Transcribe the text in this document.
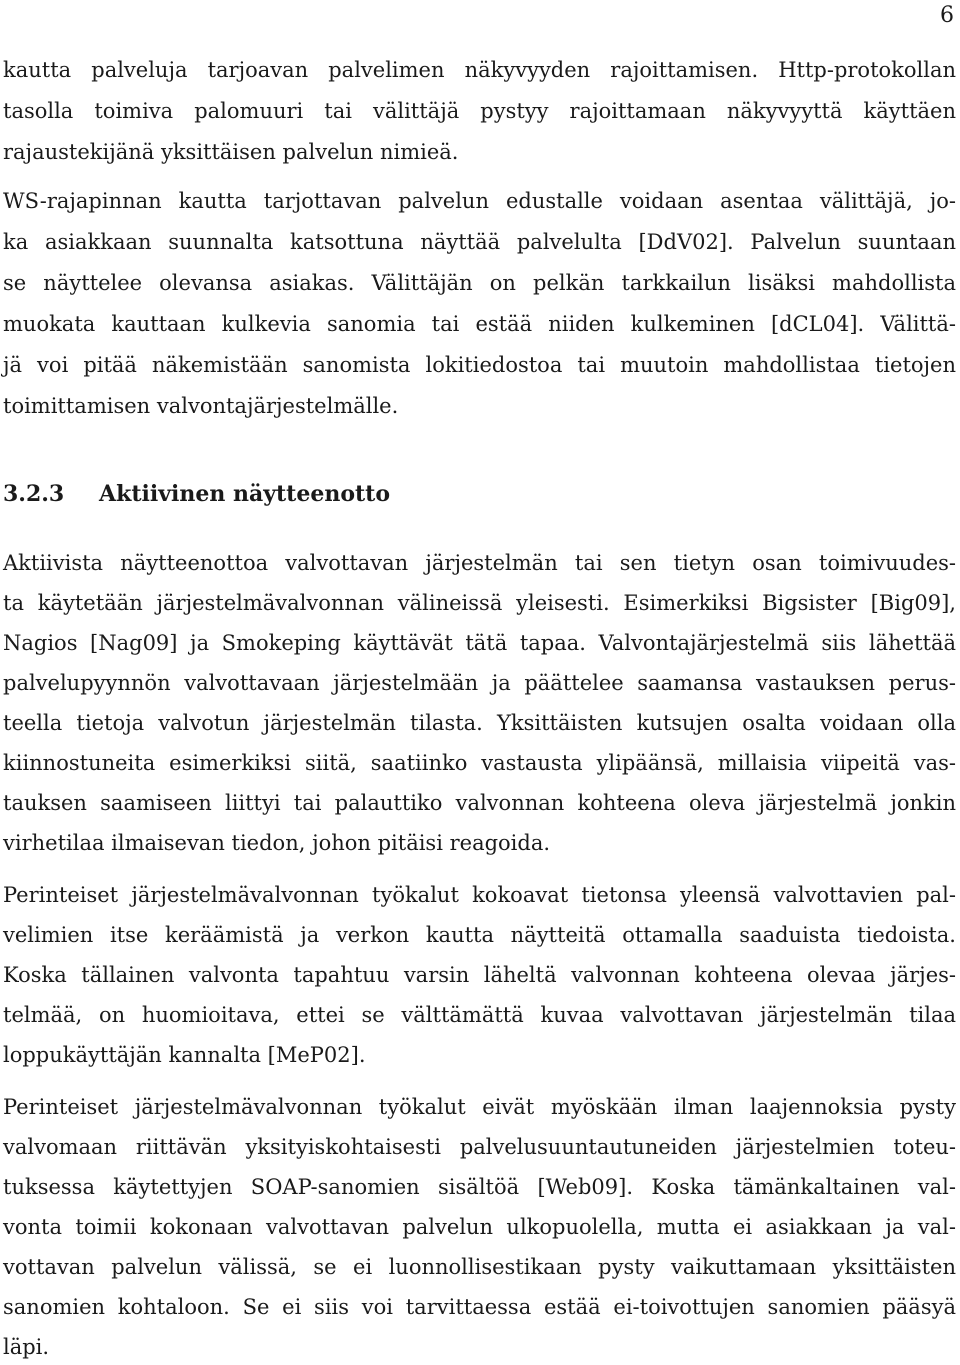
6
kautta palveluja tarjoavan palvelimen näkyvyyden rajoittamisen. Http-protokollan
tasolla toimiva palomuuri tai välittäjä pystyy rajoittamaan näkyvyyttä käyttäen
rajaustekijänä yksittäisen palvelun nimieä.
WS-rajapinnan kautta tarjottavan palvelun edustalle voidaan asentaa välittäjä, jo-
ka asiakkaan suunnalta katsottuna näyttää palvelulta [DdV02]. Palvelun suuntaan
se näyttelee olevansa asiakas. Välittäjän on pelkän tarkkailun lisäksi mahdollista
muokata kauttaan kulkevia sanomia tai estää niiden kulkeminen [dCL04]. Välittä-
jä voi pitää näkemistään sanomista lokitiedostoa tai muutoin mahdollistaa tietojen
toimittamisen valvontajärjestelmälle.
3.2.3 Aktiivinen näytteenotto
Aktiivista näytteenottoa valvottavan järjestelmän tai sen tietyn osan toimivuudes-
ta käytetään järjestelmävalvonnan välineissä yleisesti. Esimerkiksi Bigsister [Big09],
Nagios [Nag09] ja Smokeping käyttävät tätä tapaa. Valvontajärjestelmä siis lähettää
palvelupyynnön valvottavaan järjestelmään ja päättelee saamansa vastauksen perus-
teella tietoja valvotun järjestelmän tilasta. Yksittäisten kutsujen osalta voidaan olla
kiinnostuneita esimerkiksi siitä, saatiinko vastausta ylipäänsä, millaisia viipeitä vas-
tauksen saamiseen liittyi tai palauttiko valvonnan kohteena oleva järjestelmä jonkin
virhetilaa ilmaisevan tiedon, johon pitäisi reagoida.
Perinteiset järjestelmävalvonnan työkalut kokoavat tietonsa yleensä valvottavien pal-
velimien itse keräämistä ja verkon kautta näytteitä ottamalla saaduista tiedoista.
Koska tällainen valvonta tapahtuu varsin läheltä valvonnan kohteena olevaa järjes-
telmää, on huomioitava, ettei se välttämättä kuvaa valvottavan järjestelmän tilaa
loppukäyttäjän kannalta [MeP02].
Perinteiset järjestelmävalvonnan työkalut eivät myöskään ilman laajennoksia pysty
valvomaan riittävän yksityiskohtaisesti palvelusuuntautuneiden järjestelmien toteu-
tuksessa käytettyjen SOAP-sanomien sisältöä [Web09]. Koska tämänkaltainen val-
vonta toimii kokonaan valvottavan palvelun ulkopuolella, mutta ei asiakkaan ja val-
vottavan palvelun välissä, se ei luonnollisestikaan pysty vaikuttamaan yksittäisten
sanomien kohtaloon. Se ei siis voi tarvittaessa estää ei-toivottujen sanomien pääsyä
läpi.
